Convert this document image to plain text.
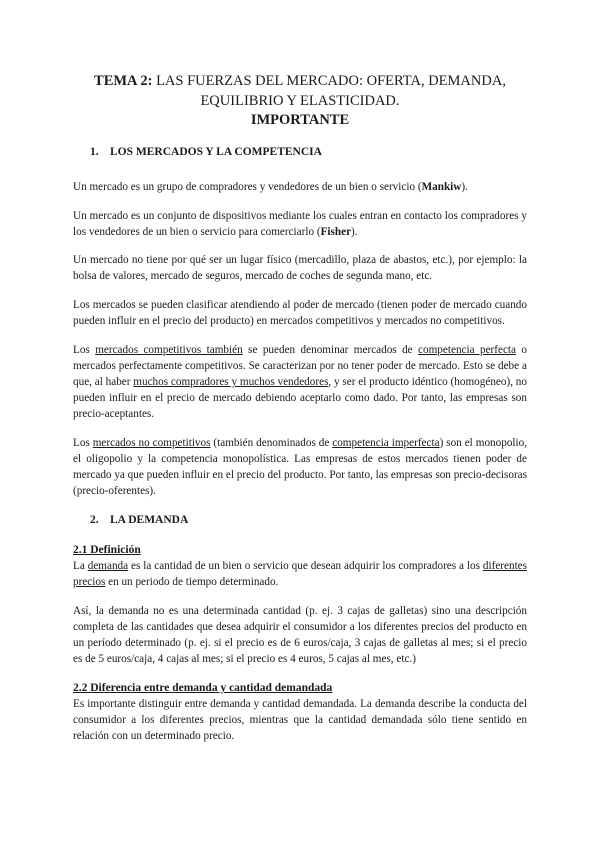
TEMA 2: LAS FUERZAS DEL MERCADO: OFERTA, DEMANDA,
EQUILIBRIO Y ELASTICIDAD.
IMPORTANTE
1. LOS MERCADOS Y LA COMPETENCIA
Un mercado es un grupo de compradores y vendedores de un bien o servicio (Mankiw).
Un mercado es un conjunto de dispositivos mediante los cuales entran en contacto los compradores y los vendedores de un bien o servicio para comerciarlo (Fisher).
Un mercado no tiene por qué ser un lugar físico (mercadillo, plaza de abastos, etc.), por ejemplo: la bolsa de valores, mercado de seguros, mercado de coches de segunda mano, etc.
Los mercados se pueden clasificar atendiendo al poder de mercado (tienen poder de mercado cuando pueden influir en el precio del producto) en mercados competitivos y mercados no competitivos.
Los mercados competitivos también se pueden denominar mercados de competencia perfecta o mercados perfectamente competitivos. Se caracterizan por no tener poder de mercado. Esto se debe a que, al haber muchos compradores y muchos vendedores, y ser el producto idéntico (homogéneo), no pueden influir en el precio de mercado debiendo aceptarlo como dado. Por tanto, las empresas son precio-aceptantes.
Los mercados no competitivos (también denominados de competencia imperfecta) son el monopolio, el oligopolio y la competencia monopolística. Las empresas de estos mercados tienen poder de mercado ya que pueden influir en el precio del producto. Por tanto, las empresas son precio-decisoras (precio-oferentes).
2. LA DEMANDA
2.1 Definición
La demanda es la cantidad de un bien o servicio que desean adquirir los compradores a los diferentes precios en un periodo de tiempo determinado.
Así, la demanda no es una determinada cantidad (p. ej. 3 cajas de galletas) sino una descripción completa de las cantidades que desea adquirir el consumidor a los diferentes precios del producto en un período determinado (p. ej. si el precio es de 6 euros/caja, 3 cajas de galletas al mes; si el precio es de 5 euros/caja, 4 cajas al mes; si el precio es 4 euros, 5 cajas al mes, etc.)
2.2 Diferencia entre demanda y cantidad demandada
Es importante distinguir entre demanda y cantidad demandada. La demanda describe la conducta del consumidor a los diferentes precios, mientras que la cantidad demandada sólo tiene sentido en relación con un determinado precio.
